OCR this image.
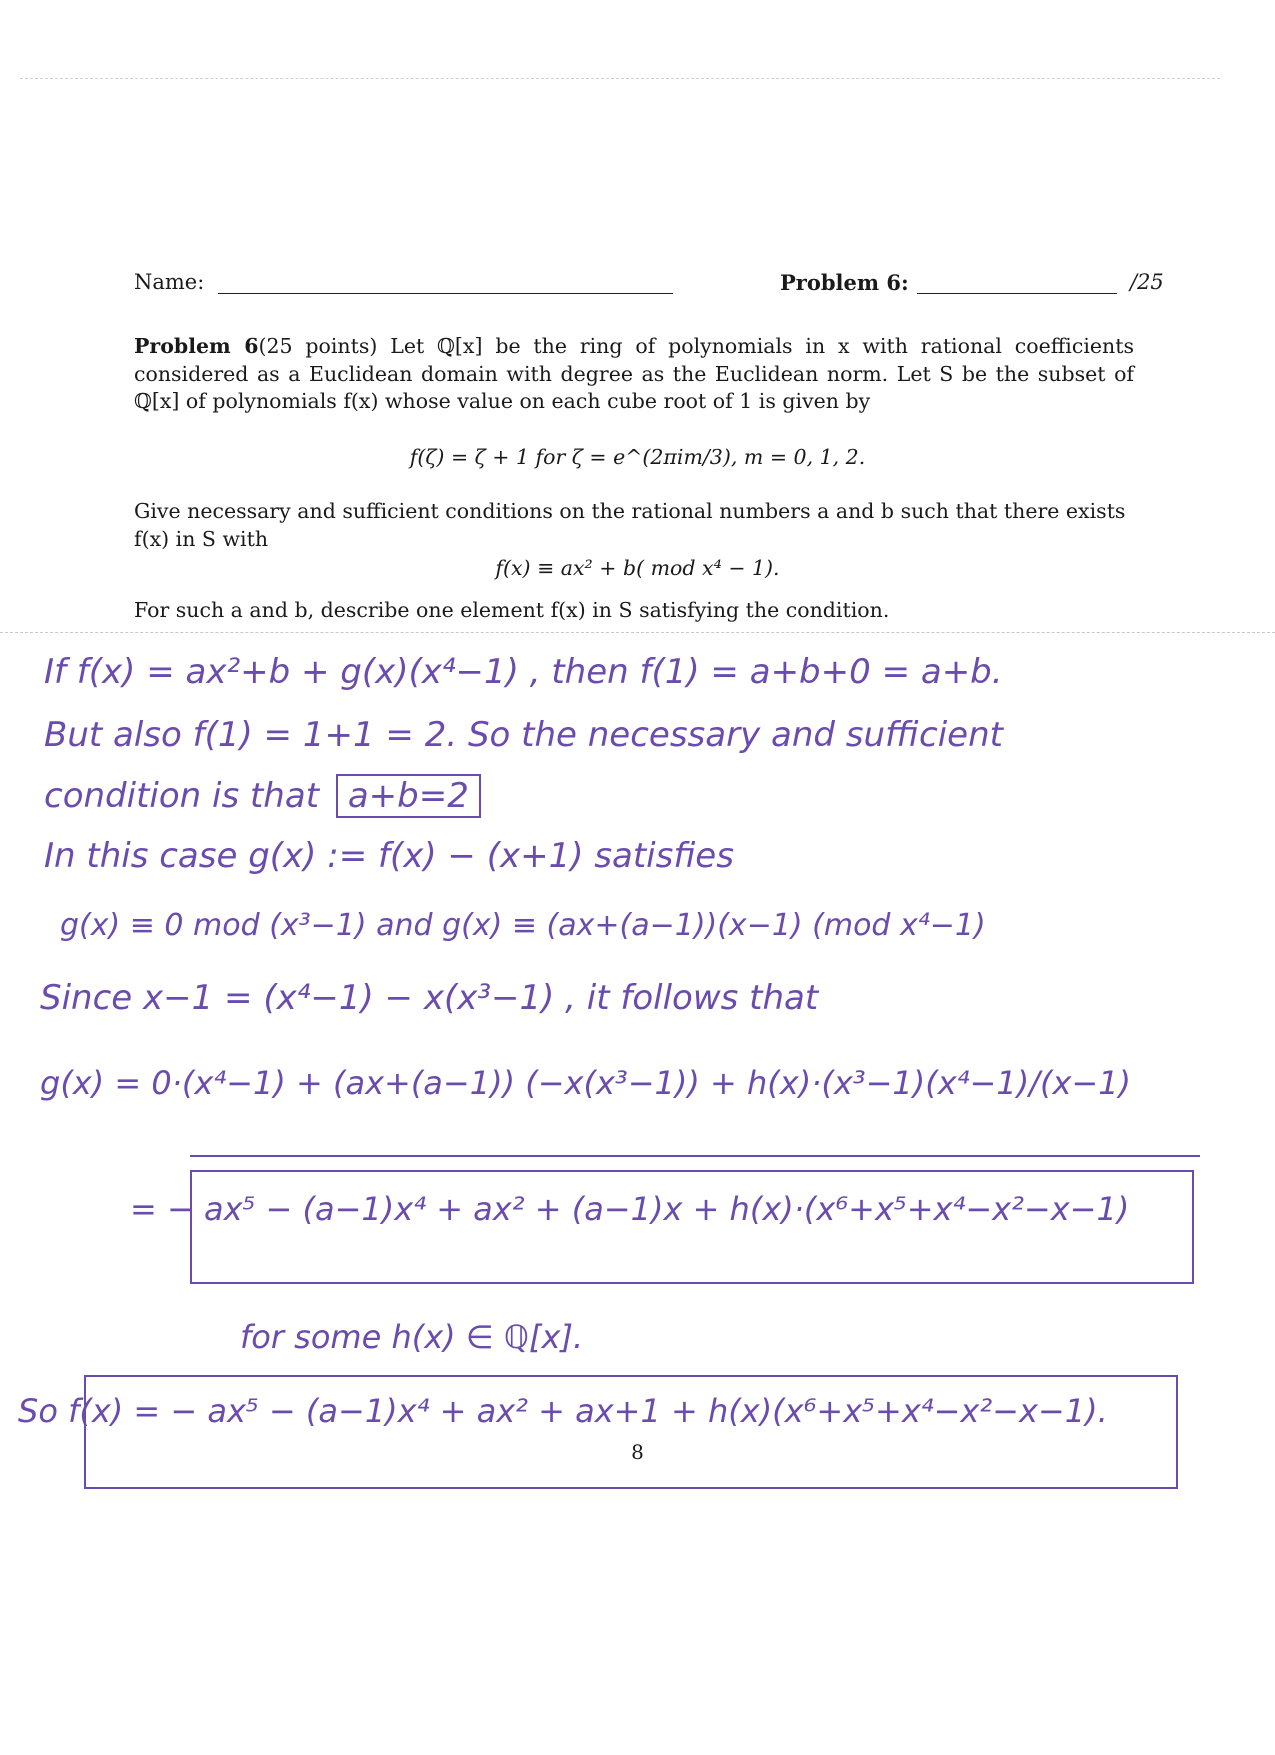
Name:	Problem 6:	/25
Problem 6(25 points) Let ℚ[x] be the ring of polynomials in x with rational coefficients considered as a Euclidean domain with degree as the Euclidean norm. Let S be the subset of ℚ[x] of polynomials f(x) whose value on each cube root of 1 is given by
f(ζ) = ζ + 1 for ζ = e^(2πim/3), m = 0, 1, 2.
Give necessary and sufficient conditions on the rational numbers a and b such that there exists f(x) in S with
f(x) ≡ ax² + b( mod x⁴ − 1).
For such a and b, describe one element f(x) in S satisfying the condition.
If f(x) = ax²+b + g(x)(x⁴−1) , then f(1) = a+b+0 = a+b.
But also f(1) = 1+1 = 2. So the necessary and sufficient
condition is that a+b=2
In this case g(x) := f(x) − (x+1) satisfies
g(x) ≡ 0 mod (x³−1) and g(x) ≡ (ax+(a−1))(x−1) (mod x⁴−1)
Since x−1 = (x⁴−1) − x(x³−1) , it follows that
g(x) = 0·(x⁴−1) + (ax+(a−1)) (−x(x³−1)) + h(x)·(x³−1)(x⁴−1)/(x−1)
= − ax⁵ − (a−1)x⁴ + ax² + (a−1)x + h(x)·(x⁶+x⁵+x⁴−x²−x−1)
for some h(x) ∈ ℚ[x].
So f(x) = − ax⁵ − (a−1)x⁴ + ax² + ax+1 + h(x)(x⁶+x⁵+x⁴−x²−x−1).
8
